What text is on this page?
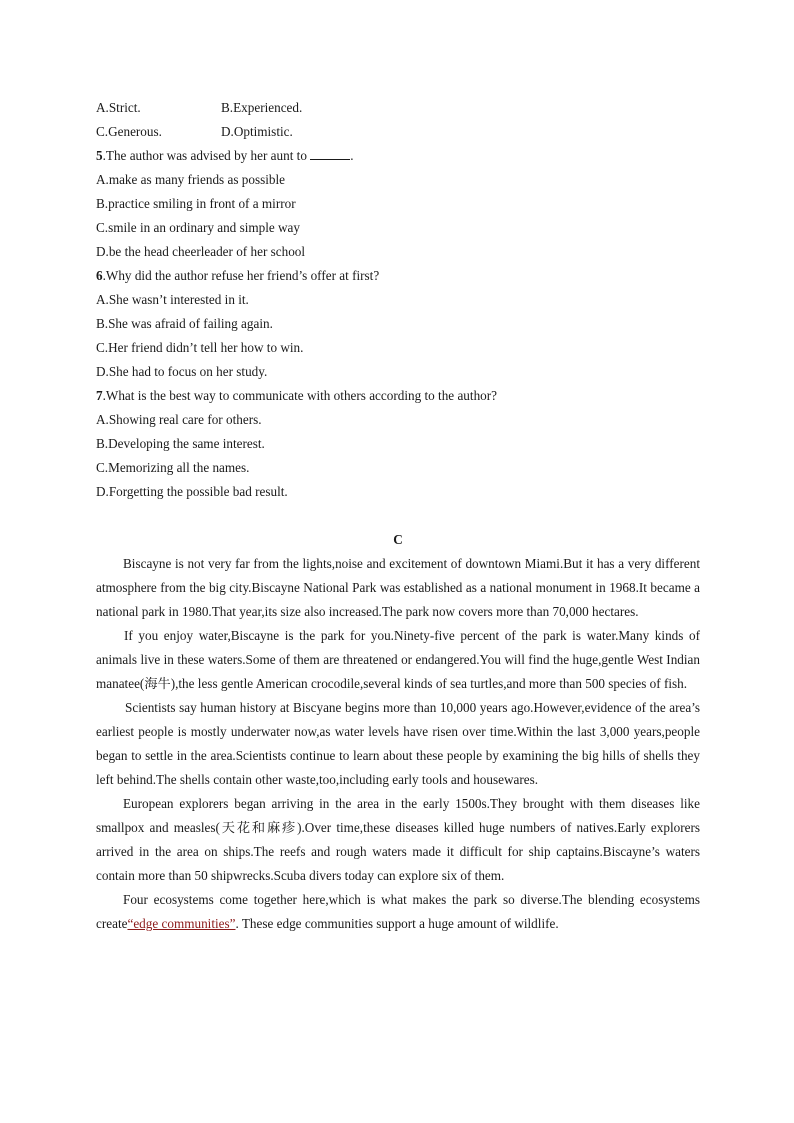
A.Strict.	B.Experienced.
C.Generous.	D.Optimistic.
5.The author was advised by her aunt to	.
A.make as many friends as possible
B.practice smiling in front of a mirror
C.smile in an ordinary and simple way
D.be the head cheerleader of her school
6.Why did the author refuse her friend’s offer at first?
A.She wasn’t interested in it.
B.She was afraid of failing again.
C.Her friend didn’t tell her how to win.
D.She had to focus on her study.
7.What is the best way to communicate with others according to the author?
A.Showing real care for others.
B.Developing the same interest.
C.Memorizing all the names.
D.Forgetting the possible bad result.
C

Biscayne is not very far from the lights,noise and excitement of downtown Miami.But it has a very different atmosphere from the big city.Biscayne National Park was established as a national monument in 1968.It became a national park in 1980.That year,its size also increased.The park now covers more than 70,000 hectares.

If you enjoy water,Biscayne is the park for you.Ninety-five percent of the park is water.Many kinds of animals live in these waters.Some of them are threatened or endangered.You will find the huge,gentle West Indian manatee(海牛),the less gentle American crocodile,several kinds of sea turtles,and more than 500 species of fish.

Scientists say human history at Biscyane begins more than 10,000 years ago.However,evidence of the area’s earliest people is mostly underwater now,as water levels have risen over time.Within the last 3,000 years,people began to settle in the area.Scientists continue to learn about these people by examining the big hills of shells they left behind.The shells contain other waste,too,including early tools and housewares.

European explorers began arriving in the area in the early 1500s.They brought with them diseases like smallpox and measles(天花和麻疹).Over time,these diseases killed huge numbers of natives.Early explorers arrived in the area on ships.The reefs and rough waters made it difficult for ship captains.Biscayne’s waters contain more than 50 shipwrecks.Scuba divers today can explore six of them.

Four ecosystems come together here,which is what makes the park so diverse.The blending ecosystems create“edge communities”. These edge communities support a huge amount of wildlife.
